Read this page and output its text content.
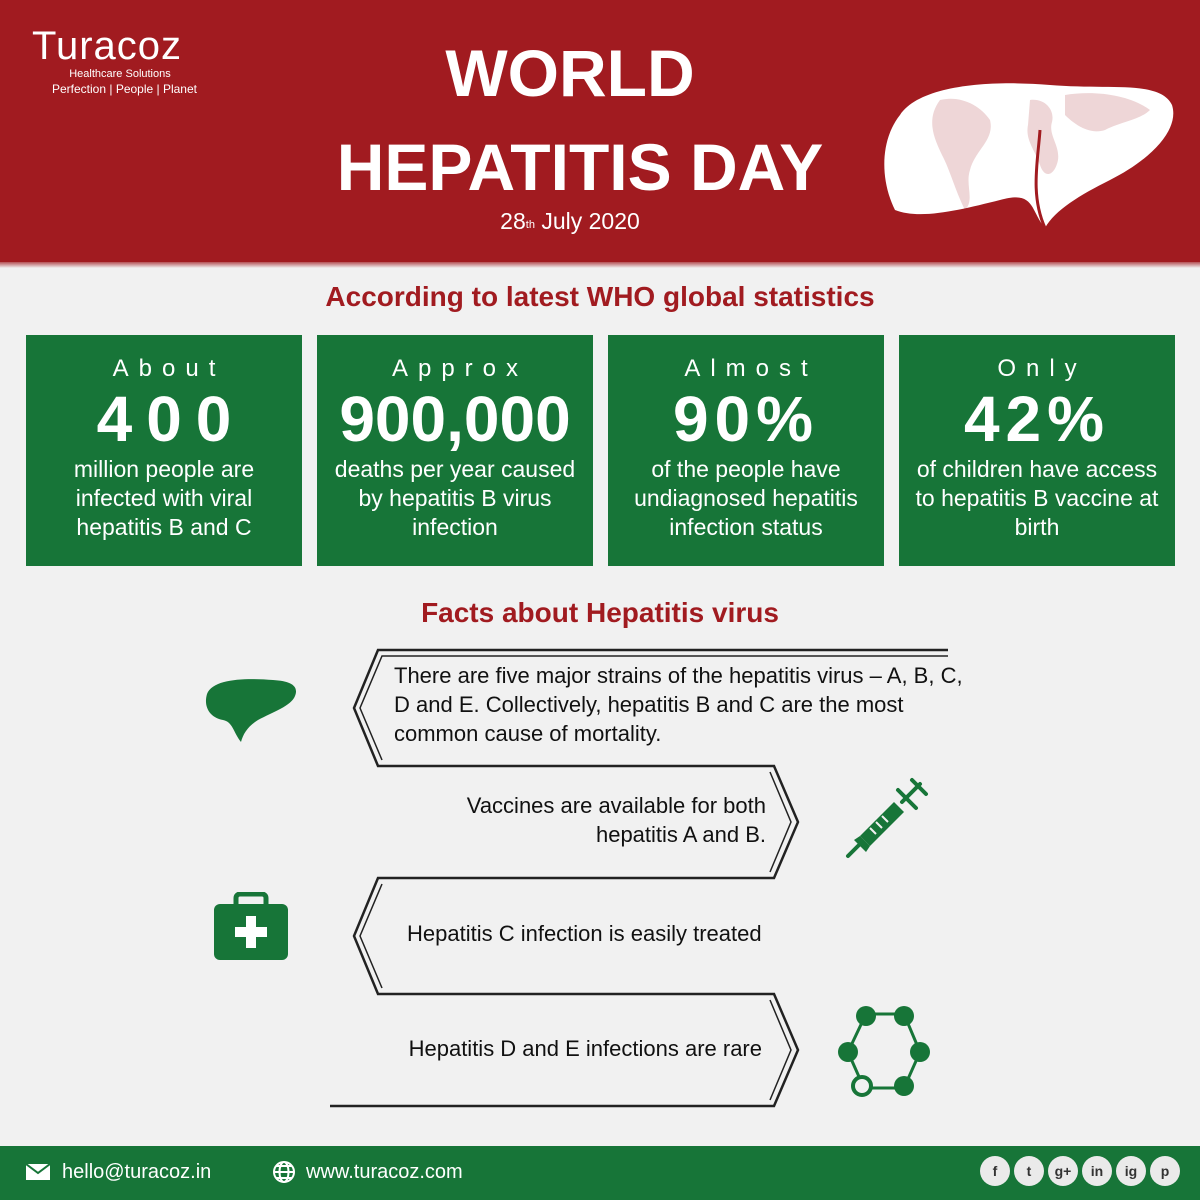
Turacoz
Healthcare Solutions
Perfection | People | Planet	WORLD
HEPATITIS DAY
28th July 2020
According to latest WHO global statistics
About
400
million people are infected with viral hepatitis B and C
Approx
900,000
deaths per year caused by hepatitis B virus infection
Almost
90%
of the people have undiagnosed hepatitis infection status
Only
42%
of children have access to hepatitis B vaccine at birth
Facts about Hepatitis virus
There are five major strains of the hepatitis virus – A, B, C, D and E. Collectively, hepatitis B and C are the most common cause of mortality.
Vaccines are available for both hepatitis A and B.
Hepatitis C infection is easily treated
Hepatitis D and E infections are rare
hello@turacoz.in	www.turacoz.com	f	t	g+	in	ig	p
